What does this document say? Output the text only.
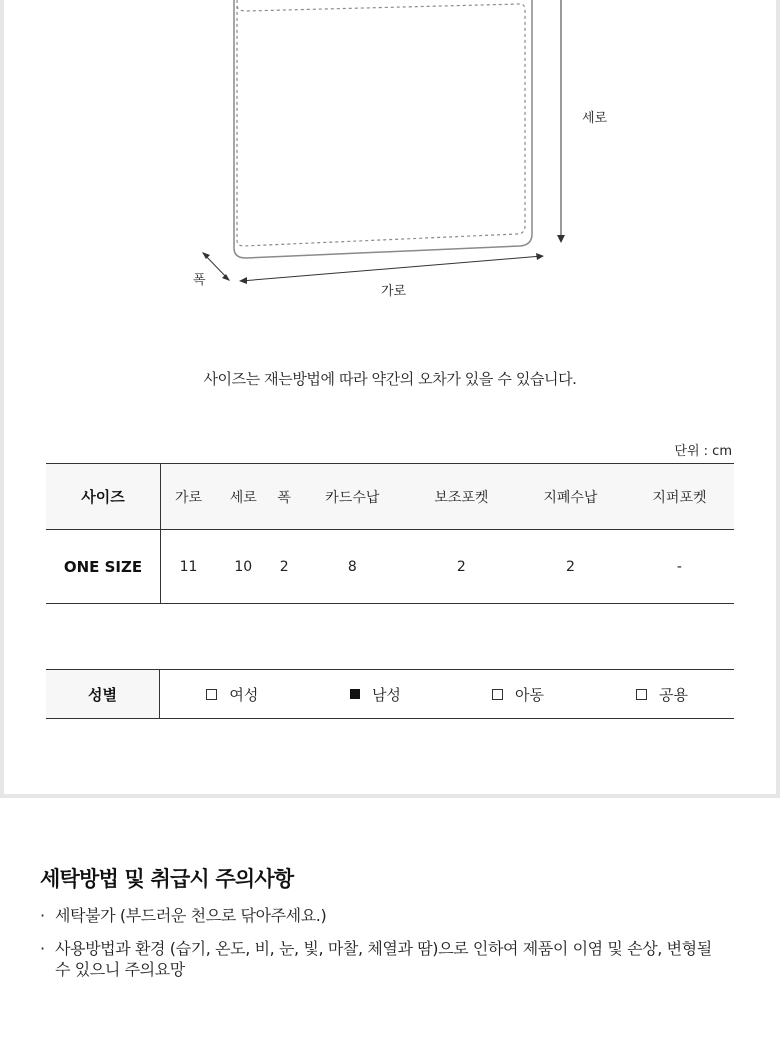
세로
폭
가로
사이즈는 재는방법에 따라 약간의 오차가 있을 수 있습니다.
단위 : cm
사이즈	가로	세로	폭	카드수납	보조포켓	지폐수납	지퍼포켓
ONE SIZE	11	10	2	8	2	2	-
성별	여성	남성	아동	공용
세탁방법 및 취급시 주의사항
· 세탁불가 (부드러운 천으로 닦아주세요.)
· 사용방법과 환경 (습기, 온도, 비, 눈, 빛, 마찰, 체열과 땀)으로 인하여 제품이 이염 및 손상, 변형될 수 있으니 주의요망
